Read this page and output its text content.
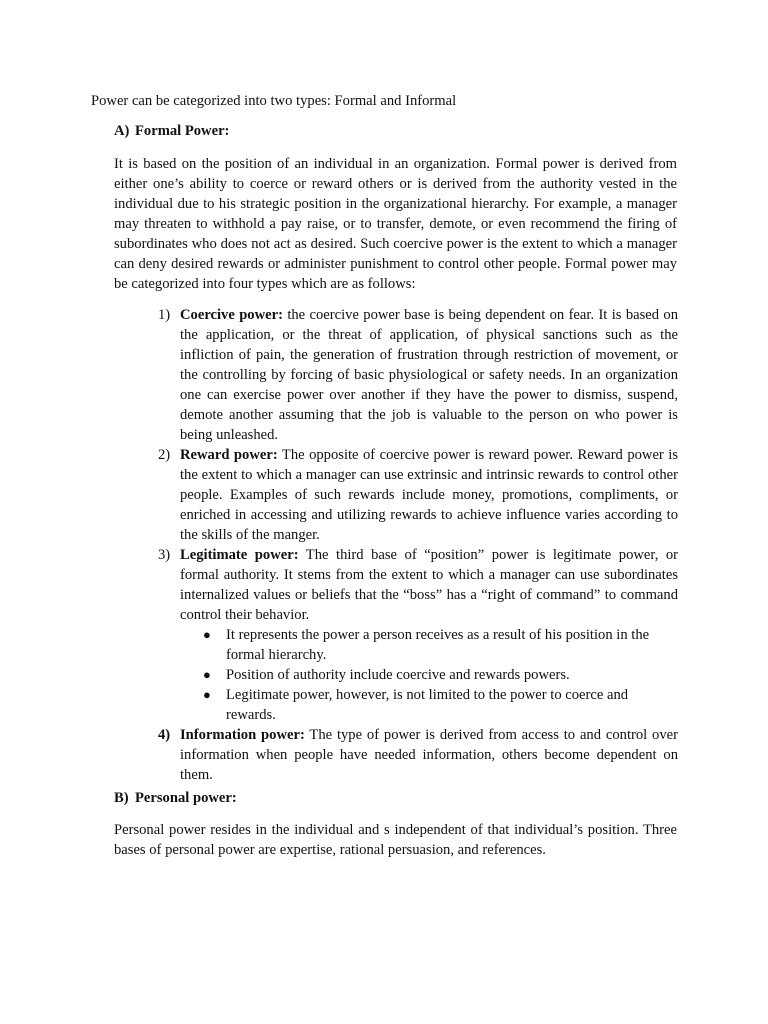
Power can be categorized into two types: Formal and Informal

A) Formal Power:

It is based on the position of an individual in an organization. Formal power is derived from either one’s ability to coerce or reward others or is derived from the authority vested in the individual due to his strategic position in the organizational hierarchy. For example, a manager may threaten to withhold a pay raise, or to transfer, demote, or even recommend the firing of subordinates who does not act as desired. Such coercive power is the extent to which a manager can deny desired rewards or administer punishment to control other people. Formal power may be categorized into four types which are as follows:

1) Coercive power: the coercive power base is being dependent on fear. It is based on the application, or the threat of application, of physical sanctions such as the infliction of pain, the generation of frustration through restriction of movement, or the controlling by forcing of basic physiological or safety needs. In an organization one can exercise power over another if they have the power to dismiss, suspend, demote another assuming that the job is valuable to the person on who power is being unleashed.
2) Reward power: The opposite of coercive power is reward power. Reward power is the extent to which a manager can use extrinsic and intrinsic rewards to control other people. Examples of such rewards include money, promotions, compliments, or enriched in accessing and utilizing rewards to achieve influence varies according to the skills of the manger.
3) Legitimate power: The third base of “position” power is legitimate power, or formal authority. It stems from the extent to which a manager can use subordinates internalized values or beliefs that the “boss” has a “right of command” to command control their behavior.
● It represents the power a person receives as a result of his position in the formal hierarchy.
● Position of authority include coercive and rewards powers.
● Legitimate power, however, is not limited to the power to coerce and rewards.
4) Information power: The type of power is derived from access to and control over information when people have needed information, others become dependent on them.
B) Personal power:

Personal power resides in the individual and s independent of that individual’s position. Three bases of personal power are expertise, rational persuasion, and references.
